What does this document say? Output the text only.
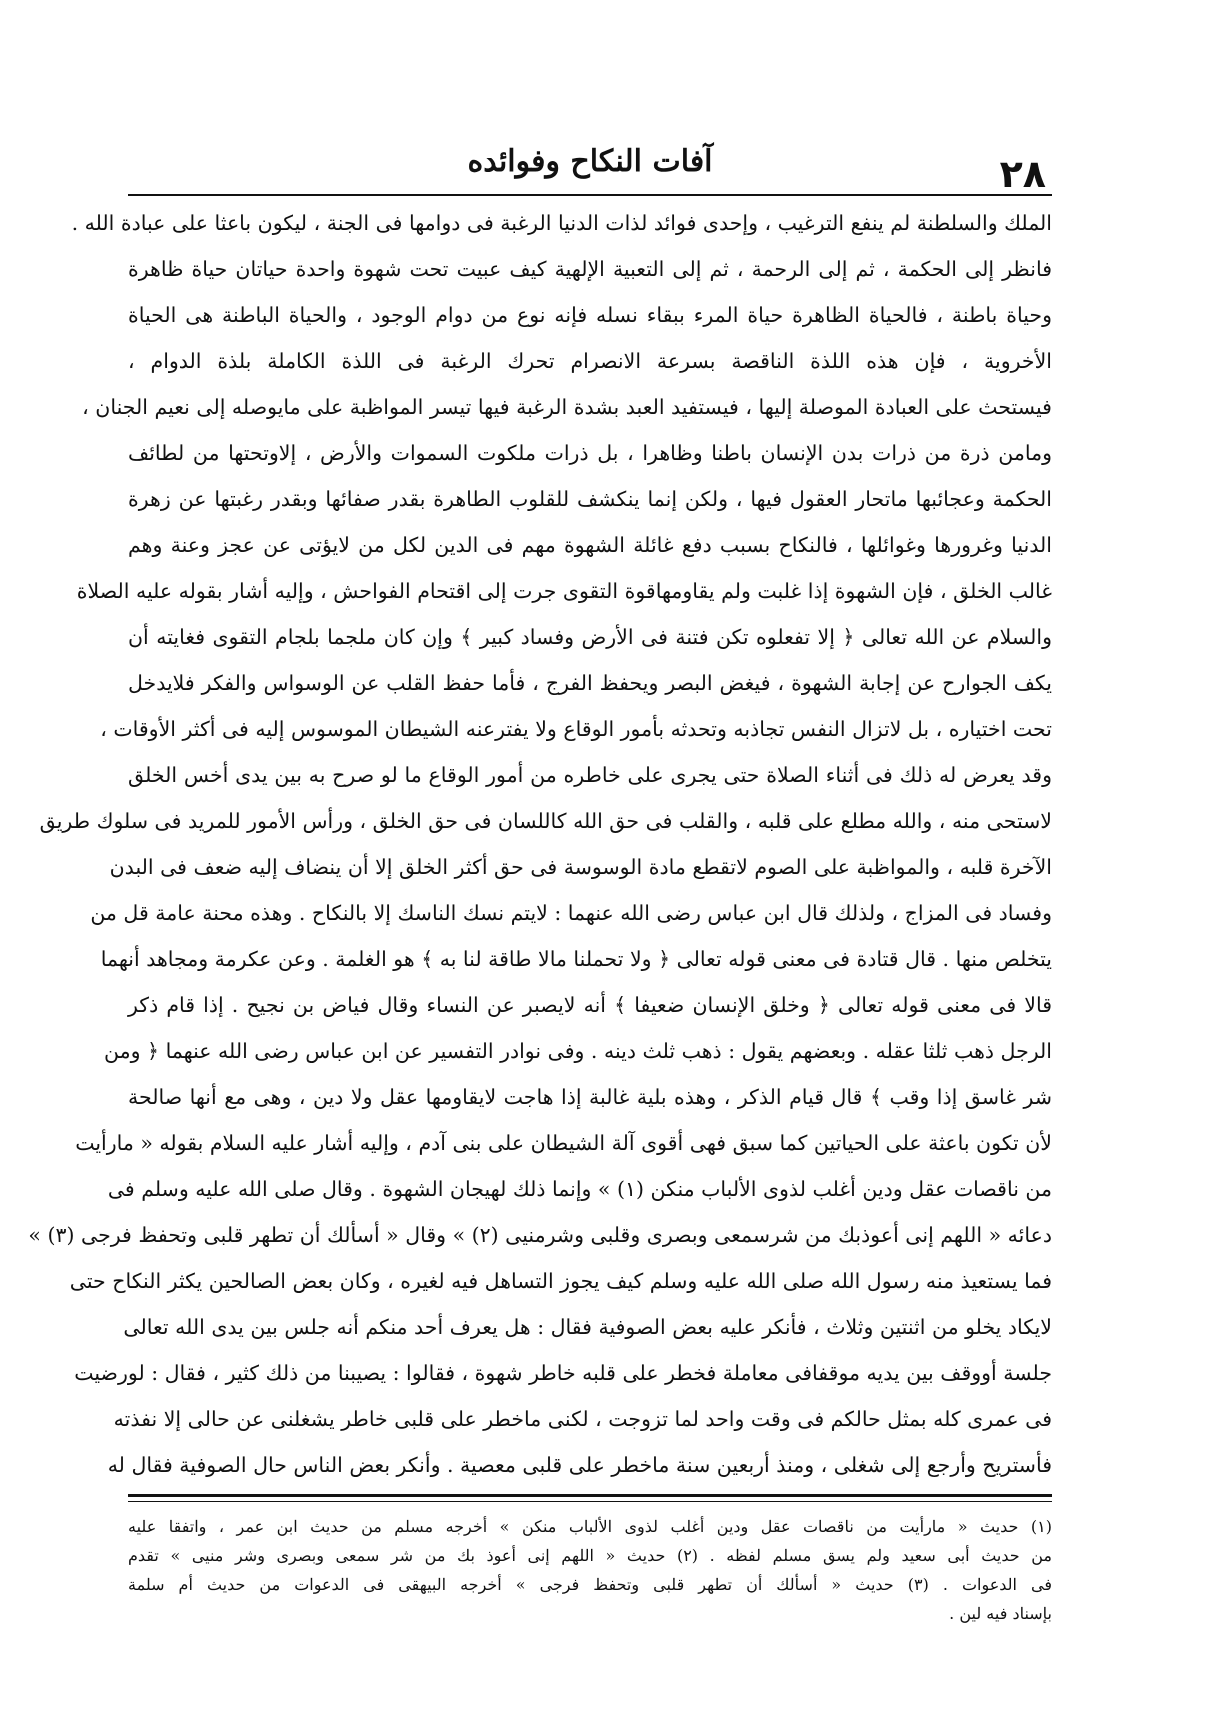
٢٨
آفات النكاح وفوائده
الملك والسلطنة لم ينفع الترغيب ، وإحدى فوائد لذات الدنيا الرغبة فى دوامها فى الجنة ، ليكون باعثا على عبادة الله .
فانظر إلى الحكمة ، ثم إلى الرحمة ، ثم إلى التعبية الإلهية كيف عبيت تحت شهوة واحدة حياتان حياة ظاهرة
وحياة باطنة ، فالحياة الظاهرة حياة المرء ببقاء نسله فإنه نوع من دوام الوجود ، والحياة الباطنة هى الحياة
الأخروية ، فإن هذه اللذة الناقصة بسرعة الانصرام تحرك الرغبة فى اللذة الكاملة بلذة الدوام ،
فيستحث على العبادة الموصلة إليها ، فيستفيد العبد بشدة الرغبة فيها تيسر المواظبة على مايوصله إلى نعيم الجنان ،
ومامن ذرة من ذرات بدن الإنسان باطنا وظاهرا ، بل ذرات ملكوت السموات والأرض ، إلاوتحتها من لطائف
الحكمة وعجائبها ماتحار العقول فيها ، ولكن إنما ينكشف للقلوب الطاهرة بقدر صفائها وبقدر رغبتها عن زهرة
الدنيا وغرورها وغوائلها ، فالنكاح بسبب دفع غائلة الشهوة مهم فى الدين لكل من لايؤتى عن عجز وعنة وهم
غالب الخلق ، فإن الشهوة إذا غلبت ولم يقاومهاقوة التقوى جرت إلى اقتحام الفواحش ، وإليه أشار بقوله عليه الصلاة
والسلام عن الله تعالى ﴿ إلا تفعلوه تكن فتنة فى الأرض وفساد كبير ﴾ وإن كان ملجما بلجام التقوى فغايته أن
يكف الجوارح عن إجابة الشهوة ، فيغض البصر ويحفظ الفرج ، فأما حفظ القلب عن الوسواس والفكر فلايدخل
تحت اختياره ، بل لاتزال النفس تجاذبه وتحدثه بأمور الوقاع ولا يفترعنه الشيطان الموسوس إليه فى أكثر الأوقات ،
وقد يعرض له ذلك فى أثناء الصلاة حتى يجرى على خاطره من أمور الوقاع ما لو صرح به بين يدى أخس الخلق
لاستحى منه ، والله مطلع على قلبه ، والقلب فى حق الله كاللسان فى حق الخلق ، ورأس الأمور للمريد فى سلوك طريق
الآخرة قلبه ، والمواظبة على الصوم لاتقطع مادة الوسوسة فى حق أكثر الخلق إلا أن ينضاف إليه ضعف فى البدن
وفساد فى المزاج ، ولذلك قال ابن عباس رضى الله عنهما : لايتم نسك الناسك إلا بالنكاح . وهذه محنة عامة قل من
يتخلص منها . قال قتادة فى معنى قوله تعالى ﴿ ولا تحملنا مالا طاقة لنا به ﴾ هو الغلمة . وعن عكرمة ومجاهد أنهما
قالا فى معنى قوله تعالى ﴿ وخلق الإنسان ضعيفا ﴾ أنه لايصبر عن النساء وقال فياض بن نجيح . إذا قام ذكر
الرجل ذهب ثلثا عقله . وبعضهم يقول : ذهب ثلث دينه . وفى نوادر التفسير عن ابن عباس رضى الله عنهما ﴿ ومن
شر غاسق إذا وقب ﴾ قال قيام الذكر ، وهذه بلية غالبة إذا هاجت لايقاومها عقل ولا دين ، وهى مع أنها صالحة
لأن تكون باعثة على الحياتين كما سبق فهى أقوى آلة الشيطان على بنى آدم ، وإليه أشار عليه السلام بقوله « مارأيت
من ناقصات عقل ودين أغلب لذوى الألباب منكن (١) » وإنما ذلك لهيجان الشهوة . وقال صلى الله عليه وسلم فى
دعائه « اللهم إنى أعوذبك من شرسمعى وبصرى وقلبى وشرمنيى (٢) » وقال « أسألك أن تطهر قلبى وتحفظ فرجى (٣) »
فما يستعيذ منه رسول الله صلى الله عليه وسلم كيف يجوز التساهل فيه لغيره ، وكان بعض الصالحين يكثر النكاح حتى
لايكاد يخلو من اثنتين وثلاث ، فأنكر عليه بعض الصوفية فقال : هل يعرف أحد منكم أنه جلس بين يدى الله تعالى
جلسة أووقف بين يديه موقفافى معاملة فخطر على قلبه خاطر شهوة ، فقالوا : يصيبنا من ذلك كثير ، فقال : لورضيت
فى عمرى كله بمثل حالكم فى وقت واحد لما تزوجت ، لكنى ماخطر على قلبى خاطر يشغلنى عن حالى إلا نفذته
فأستريح وأرجع إلى شغلى ، ومنذ أربعين سنة ماخطر على قلبى معصية . وأنكر بعض الناس حال الصوفية فقال له
(١) حديث « مارأيت من ناقصات عقل ودين أغلب لذوى الألباب منكن » أخرجه مسلم من حديث ابن عمر ، واتفقا عليه
من حديث أبى سعيد ولم يسق مسلم لفظه . (٢) حديث « اللهم إنى أعوذ بك من شر سمعى وبصرى وشر منيى » تقدم
فى الدعوات . (٣) حديث « أسألك أن تطهر قلبى وتحفظ فرجى » أخرجه البيهقى فى الدعوات من حديث أم سلمة
بإسناد فيه لين .
